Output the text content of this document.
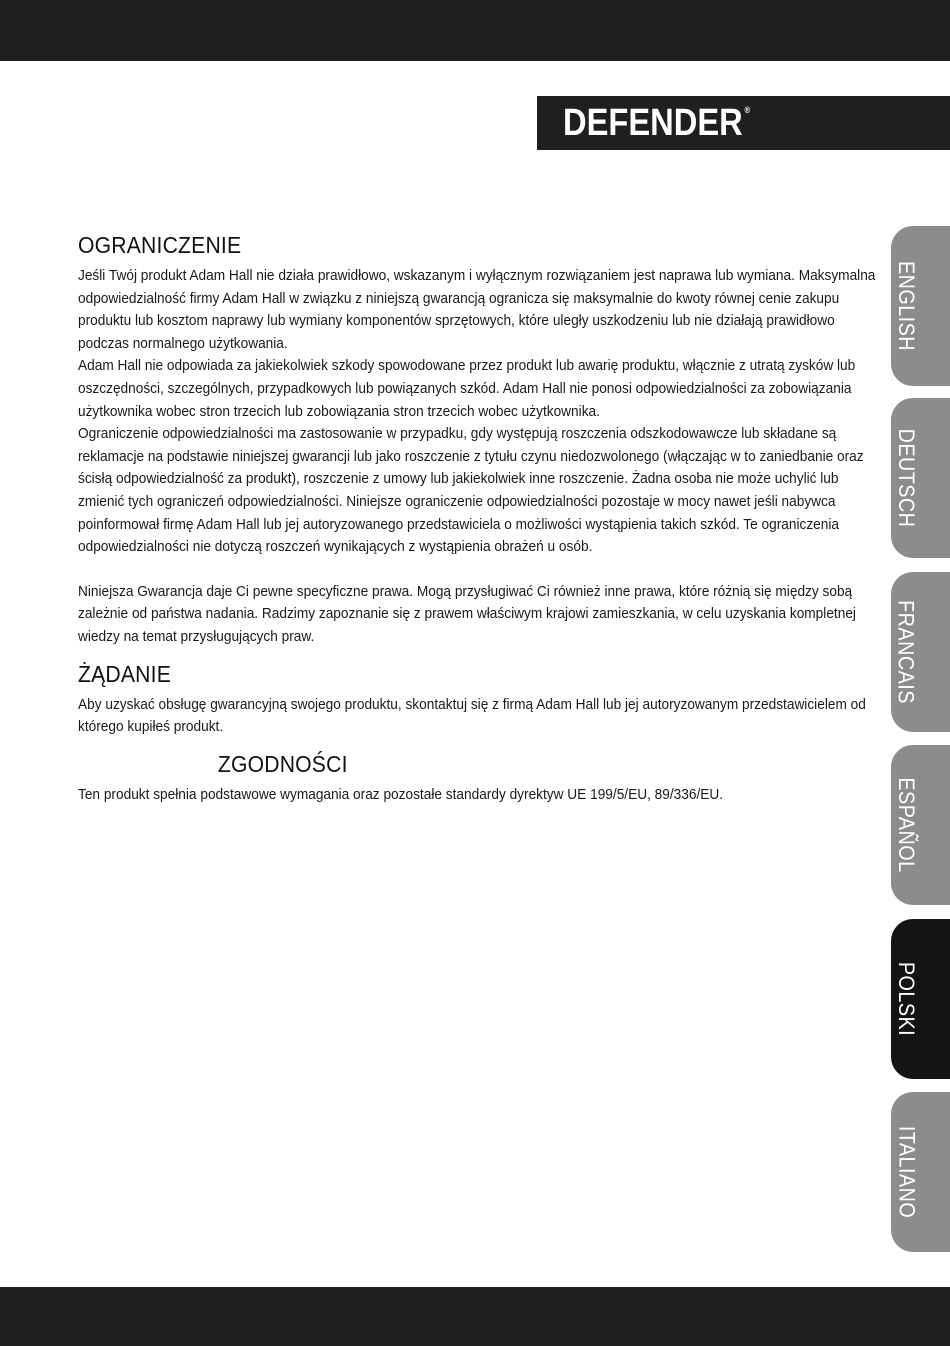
DEFENDER ®
OGRANICZENIE

Jeśli Twój produkt Adam Hall nie działa prawidłowo, wskazanym i wyłącznym rozwiązaniem jest naprawa lub wymiana. Maksymalna odpowiedzialność firmy Adam Hall w związku z niniejszą gwarancją ogranicza się maksymalnie do kwoty równej cenie zakupu produktu lub kosztom naprawy lub wymiany komponentów sprzętowych, które uległy uszkodzeniu lub nie działają prawidłowo podczas normalnego użytkowania.

Adam Hall nie odpowiada za jakiekolwiek szkody spowodowane przez produkt lub awarię produktu, włącznie z utratą zysków lub oszczędności, szczególnych, przypadkowych lub powiązanych szkód. Adam Hall nie ponosi odpowiedzialności za zobowiązania użytkownika wobec stron trzecich lub zobowiązania stron trzecich wobec użytkownika.

Ograniczenie odpowiedzialności ma zastosowanie w przypadku, gdy występują roszczenia odszkodowawcze lub składane są reklamacje na podstawie niniejszej gwarancji lub jako roszczenie z tytułu czynu niedozwolonego (włączając w to zaniedbanie oraz ścisłą odpowiedzialność za produkt), roszczenie z umowy lub jakiekolwiek inne roszczenie. Żadna osoba nie może uchylić lub zmienić tych ograniczeń odpowiedzialności. Niniejsze ograniczenie odpowiedzialności pozostaje w mocy nawet jeśli nabywca poinformował firmę Adam Hall lub jej autoryzowanego przedstawiciela o możliwości wystąpienia takich szkód. Te ograniczenia odpowiedzialności nie dotyczą roszczeń wynikających z wystąpienia obrażeń u osób.

Niniejsza Gwarancja daje Ci pewne specyficzne prawa. Mogą przysługiwać Ci również inne prawa, które różnią się między sobą zależnie od państwa nadania. Radzimy zapoznanie się z prawem właściwym krajowi zamieszkania, w celu uzyskania kompletnej wiedzy na temat przysługujących praw.

ŻĄDANIE

Aby uzyskać obsługę gwarancyjną swojego produktu, skontaktuj się z firmą Adam Hall lub jej autoryzowanym przedstawicielem od którego kupiłeś produkt.

ZGODNOŚCI

Ten produkt spełnia podstawowe wymagania oraz pozostałe standardy dyrektyw UE 199/5/EU, 89/336/EU.

ENGLISH
DEUTSCH
FRANCAIS
ESPAÑOL
POLSKI
ITALIANO
